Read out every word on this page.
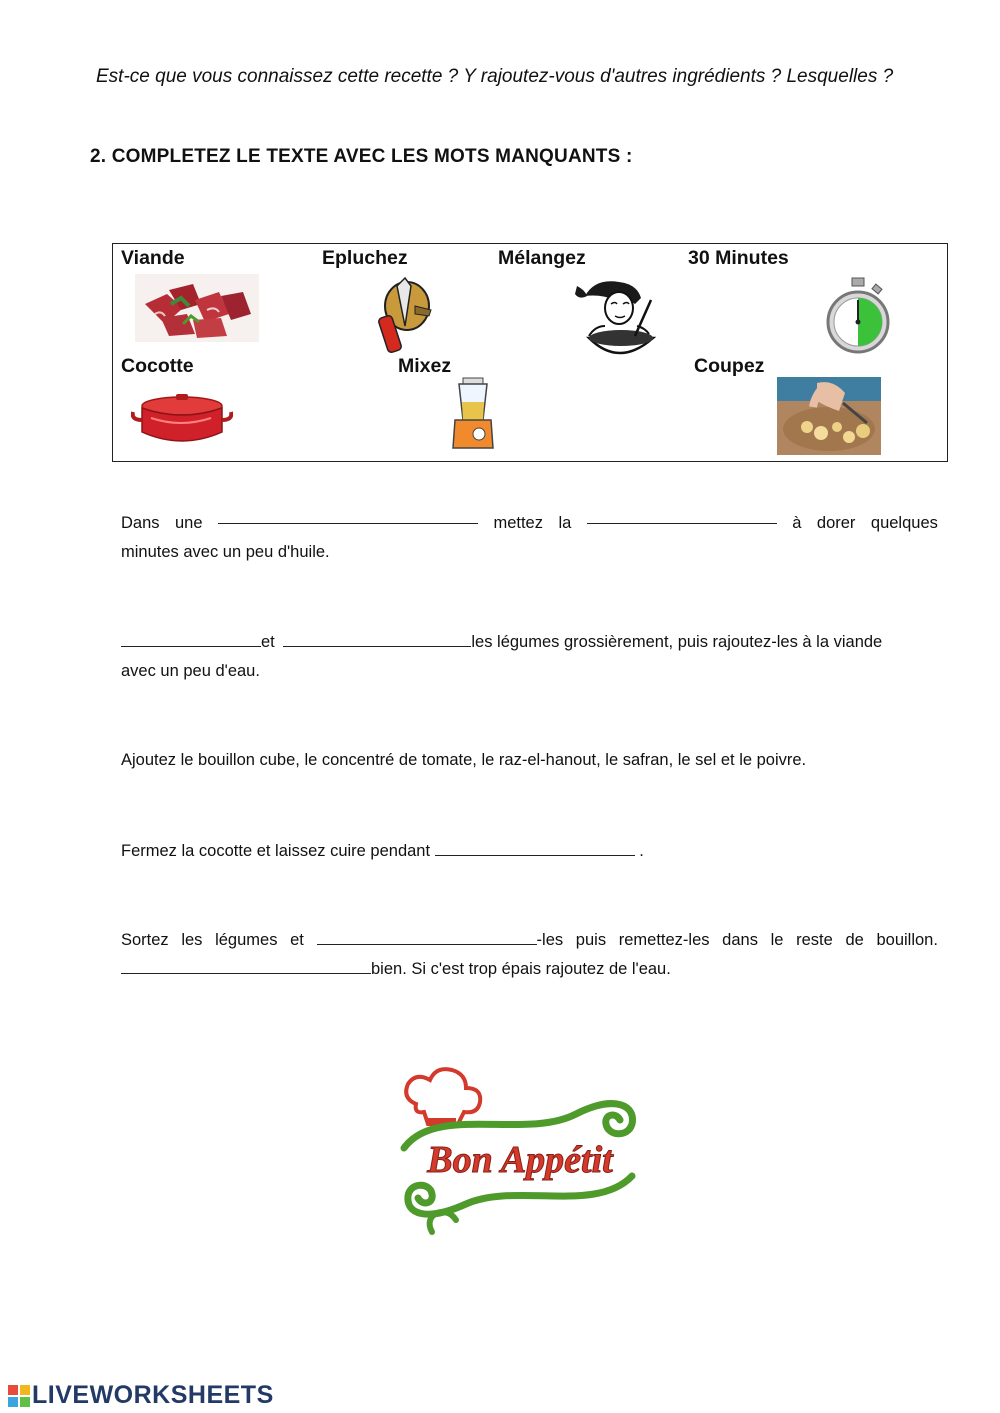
Est-ce que vous connaissez cette recette ? Y rajoutez-vous d'autres ingrédients ? Lesquelles ?
2. COMPLETEZ LE TEXTE AVEC LES MOTS MANQUANTS :
Viande	Epluchez	Mélangez	30 Minutes
Cocotte	Mixez	Coupez
Dans une	mettez la	à dorer quelques
minutes avec un peu d'huile.
et	les légumes grossièrement, puis rajoutez-les à la viande
avec un peu d'eau.
Ajoutez le bouillon cube, le concentré de tomate, le raz-el-hanout, le safran, le sel et le poivre.
Fermez la cocotte et laissez cuire pendant	.
Sortez les légumes et	-les puis remettez-les dans le reste de bouillon.
bien. Si c'est trop épais rajoutez de l'eau.
Bon Appétit
LIVEWORKSHEETS
